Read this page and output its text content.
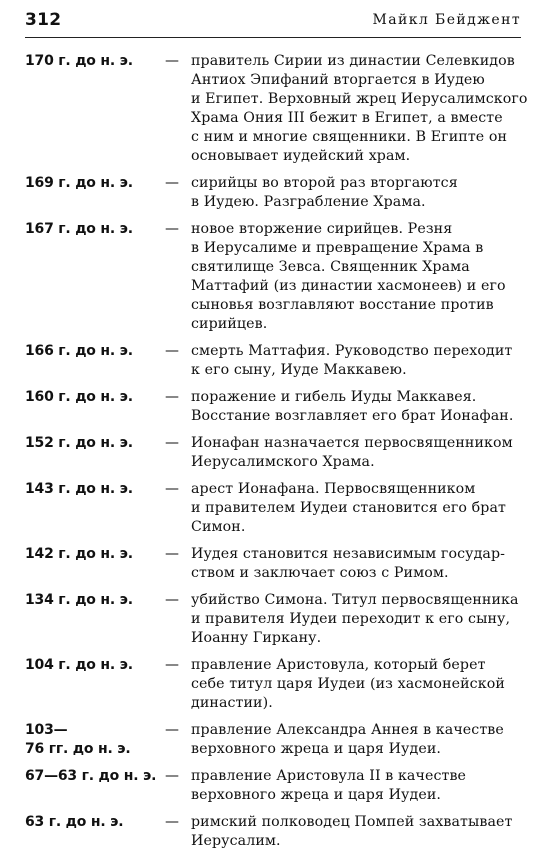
312	Майкл Бейджент
170 г. до н. э.	— правитель Сирии из династии Селевкидов
Антиох Эпифаний вторгается в Иудею
и Египет. Верховный жрец Иерусалимского
Храма Ония III бежит в Египет, а вместе
с ним и многие священники. В Египте он
основывает иудейский храм.
169 г. до н. э.	— сирийцы во второй раз вторгаются
в Иудею. Разграбление Храма.
167 г. до н. э.	— новое вторжение сирийцев. Резня
в Иерусалиме и превращение Храма в
святилище Зевса. Священник Храма
Маттафий (из династии хасмонеев) и его
сыновья возглавляют восстание против
сирийцев.
166 г. до н. э.	— смерть Маттафия. Руководство переходит
к его сыну, Иуде Маккавею.
160 г. до н. э.	— поражение и гибель Иуды Маккавея.
Восстание возглавляет его брат Ионафан.
152 г. до н. э.	— Ионафан назначается первосвященником
Иерусалимского Храма.
143 г. до н. э.	— арест Ионафана. Первосвященником
и правителем Иудеи становится его брат
Симон.
142 г. до н. э.	— Иудея становится независимым государ-
ством и заключает союз с Римом.
134 г. до н. э.	— убийство Симона. Титул первосвященника
и правителя Иудеи переходит к его сыну,
Иоанну Гиркану.
104 г. до н. э.	— правление Аристовула, который берет
себе титул царя Иудеи (из хасмонейской
династии).
103—
76 гг. до н. э.
— правление Александра Аннея в качестве
верховного жреца и царя Иудеи.
67—63 г. до н. э. — правление Аристовула II в качестве
верховного жреца и царя Иудеи.
63 г. до н. э.	— римский полководец Помпей захватывает
Иерусалим.
